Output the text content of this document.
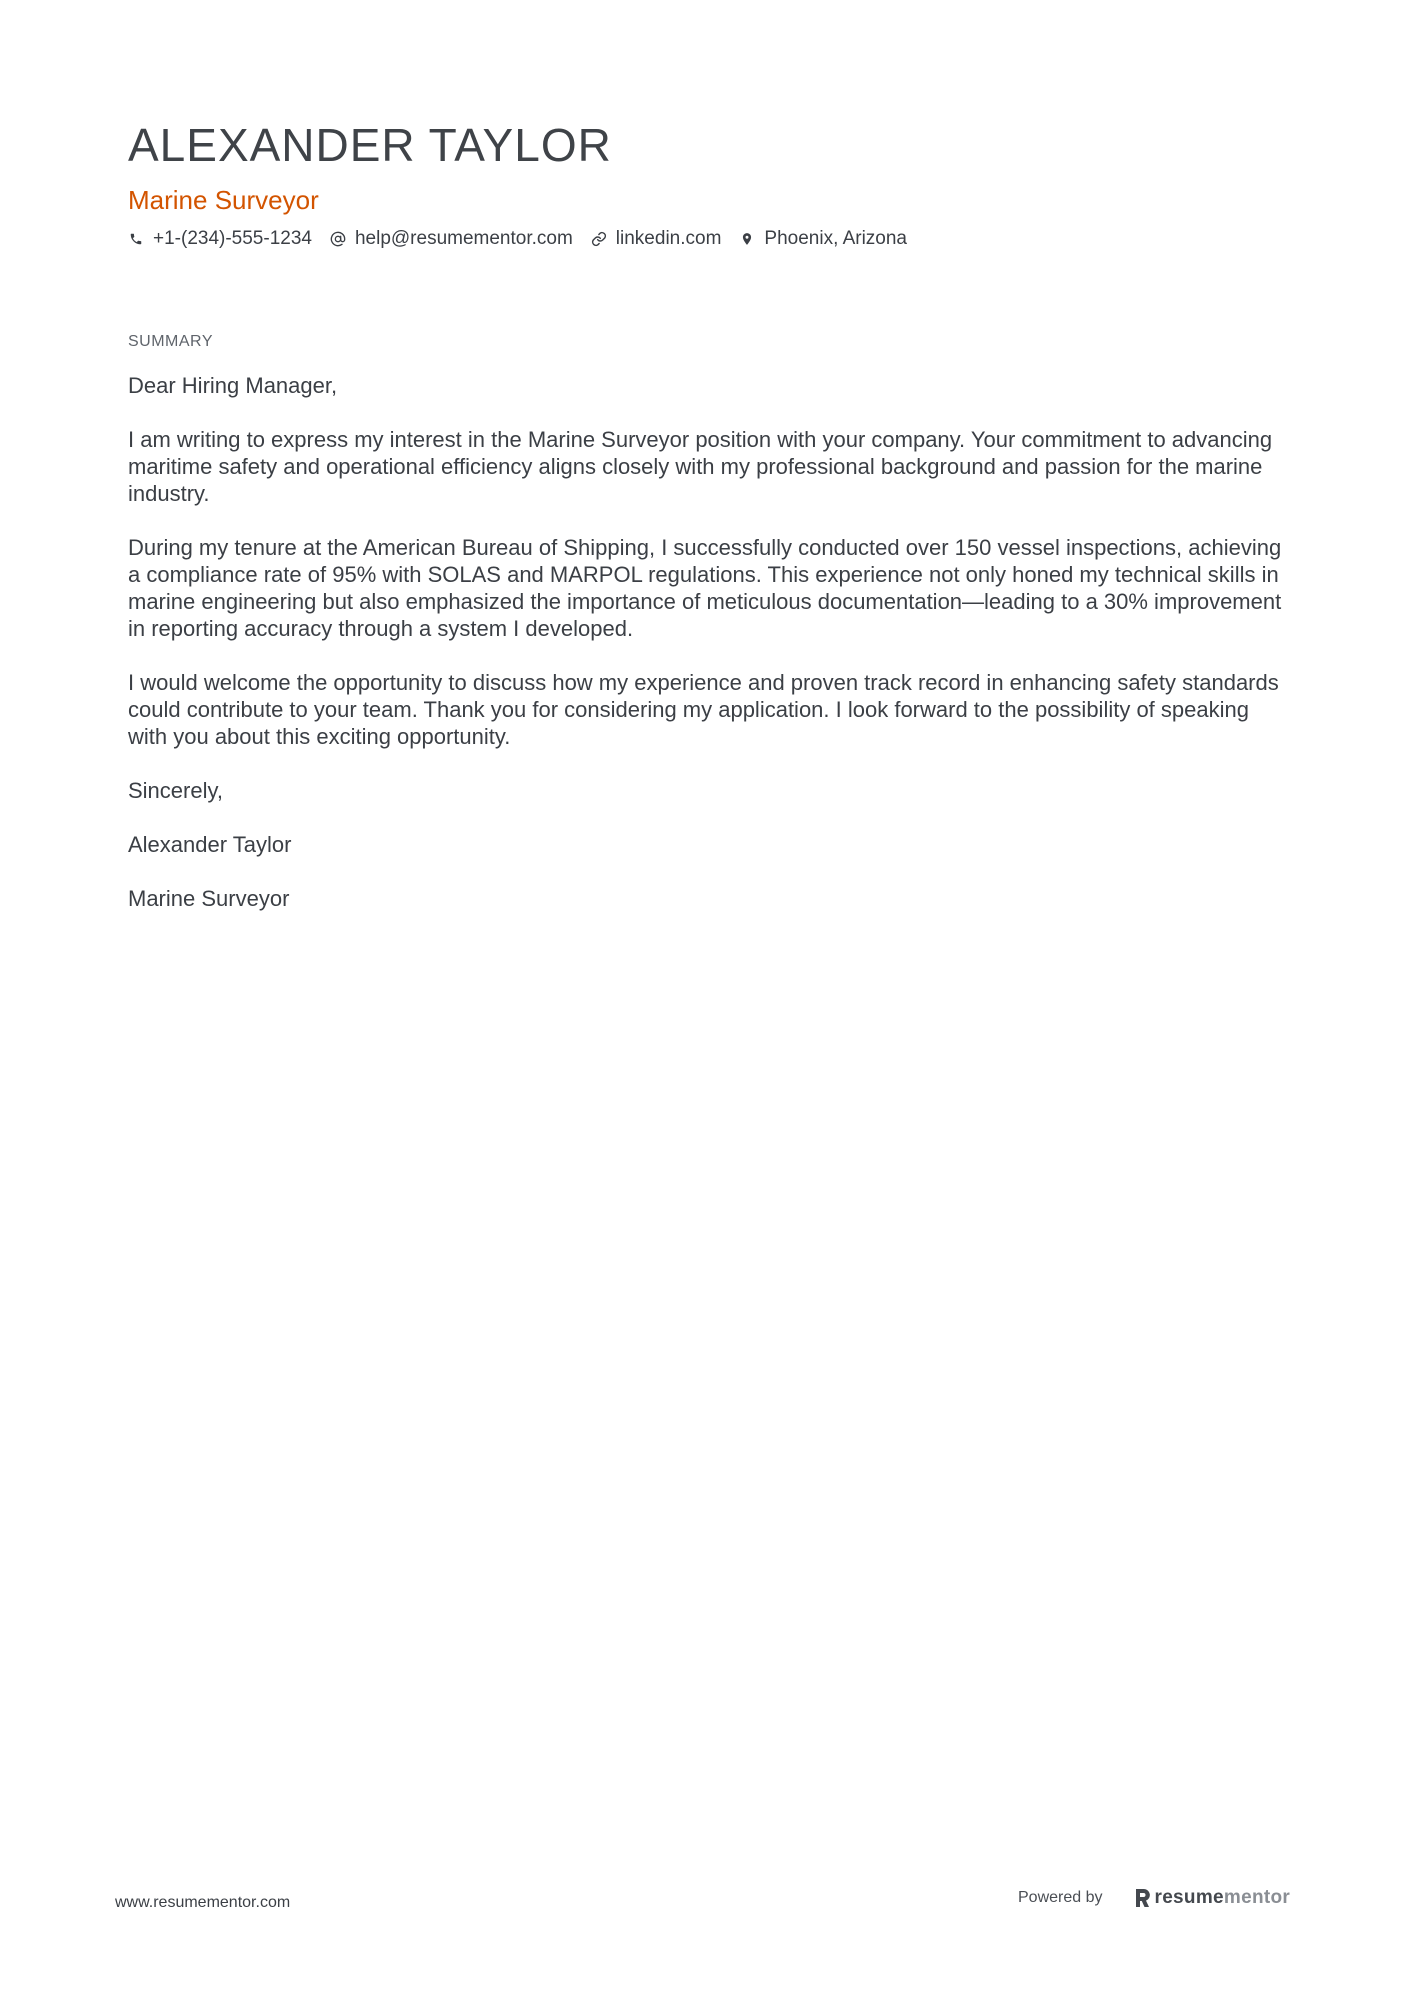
ALEXANDER TAYLOR
Marine Surveyor
+1-(234)-555-1234 help@resumementor.com linkedin.com Phoenix, Arizona
SUMMARY

Dear Hiring Manager,

I am writing to express my interest in the Marine Surveyor position with your company. Your commitment to advancing maritime safety and operational efficiency aligns closely with my professional background and passion for the marine industry.

During my tenure at the American Bureau of Shipping, I successfully conducted over 150 vessel inspections, achieving a compliance rate of 95% with SOLAS and MARPOL regulations. This experience not only honed my technical skills in marine engineering but also emphasized the importance of meticulous documentation—leading to a 30% improvement in reporting accuracy through a system I developed.

I would welcome the opportunity to discuss how my experience and proven track record in enhancing safety standards could contribute to your team. Thank you for considering my application. I look forward to the possibility of speaking with you about this exciting opportunity.

Sincerely,

Alexander Taylor

Marine Surveyor

www.resumementor.com	Powered by	resumementor
